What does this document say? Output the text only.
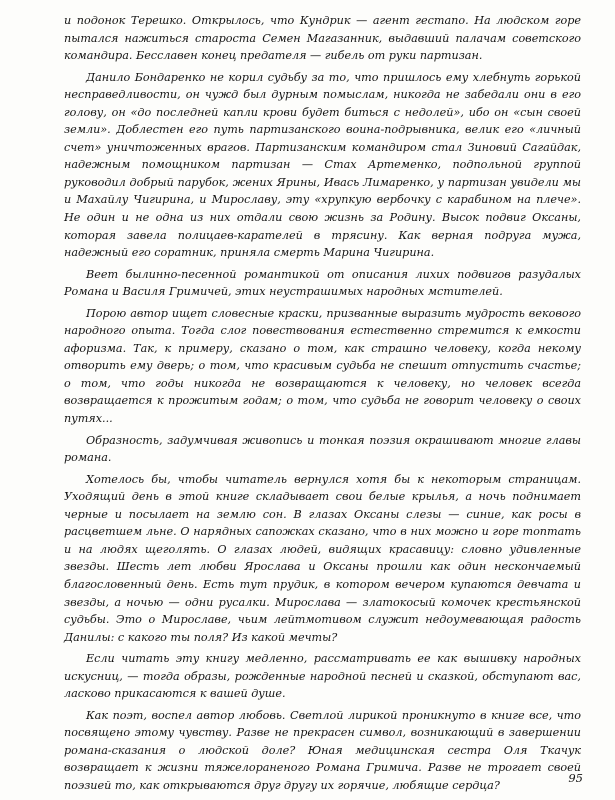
и подонок Терешко. Открылось, что Кундрик — агент гестапо. На людском горе пытался нажиться староста Семен Магазанник, выдавший палачам советского командира. Бесславен конец предателя — гибель от руки партизан.

Данило Бондаренко не корил судьбу за то, что пришлось ему хлебнуть горькой несправедливости, он чужд был дурным помыслам, никогда не забедали они в его голову, он «до последней капли крови будет биться с недолей», ибо он «сын своей земли». Доблестен его путь партизанского воина-подрывника, велик его «личный счет» уничтоженных врагов. Партизанским командиром стал Зиновий Сагайдак, надежным помощником партизан — Стах Артеменко, подпольной группой руководил добрый парубок, жених Ярины, Ивась Лимаренко, у партизан увидели мы и Махайлу Чигирина, и Мирославу, эту «хрупкую вербочку с карабином на плече». Не один и не одна из них отдали свою жизнь за Родину. Высок подвиг Оксаны, которая завела полицаев-карателей в трясину. Как верная подруга мужа, надежный его соратник, приняла смерть Марина Чигирина.

Веет былинно-песенной романтикой от описания лихих подвигов разудалых Романа и Василя Гримичей, этих неустрашимых народных мстителей.

Порою автор ищет словесные краски, призванные выразить мудрость векового народного опыта. Тогда слог повествования естественно стремится к емкости афоризма. Так, к примеру, сказано о том, как страшно человеку, когда некому отворить ему дверь; о том, что красивым судьба не спешит отпустить счастье; о том, что годы никогда не возвращаются к человеку, но человек всегда возвращается к прожитым годам; о том, что судьба не говорит человеку о своих путях...

Образность, задумчивая живопись и тонкая поэзия окрашивают многие главы романа.

Хотелось бы, чтобы читатель вернулся хотя бы к некоторым страницам. Уходящий день в этой книге складывает свои белые крылья, а ночь поднимает черные и посылает на землю сон. В глазах Оксаны слезы — синие, как росы в расцветшем льне. О нарядных сапожках сказано, что в них можно и горе топтать и на людях щеголять. О глазах людей, видящих красавицу: словно удивленные звезды. Шесть лет любви Ярослава и Оксаны прошли как один нескончаемый благословенный день. Есть тут прудик, в котором вечером купаются девчата и звезды, а ночью — одни русалки. Мирослава — златокосый комочек крестьянской судьбы. Это о Мирославе, чьим лейтмотивом служит недоумевающая радость Данилы: с какого ты поля? Из какой мечты?

Если читать эту книгу медленно, рассматривать ее как вышивку народных искусниц, — тогда образы, рожденные народной песней и сказкой, обступают вас, ласково прикасаются к вашей душе.

Как поэт, воспел автор любовь. Светлой лирикой проникнуто в книге все, что посвящено этому чувству. Разве не прекрасен символ, возникающий в завершении романа-сказания о людской доле? Юная медицинская сестра Оля Ткачук возвращает к жизни тяжелораненого Романа Гримича. Разве не трогает своей поэзией то, как открываются друг другу их горячие, любящие сердца?

95
